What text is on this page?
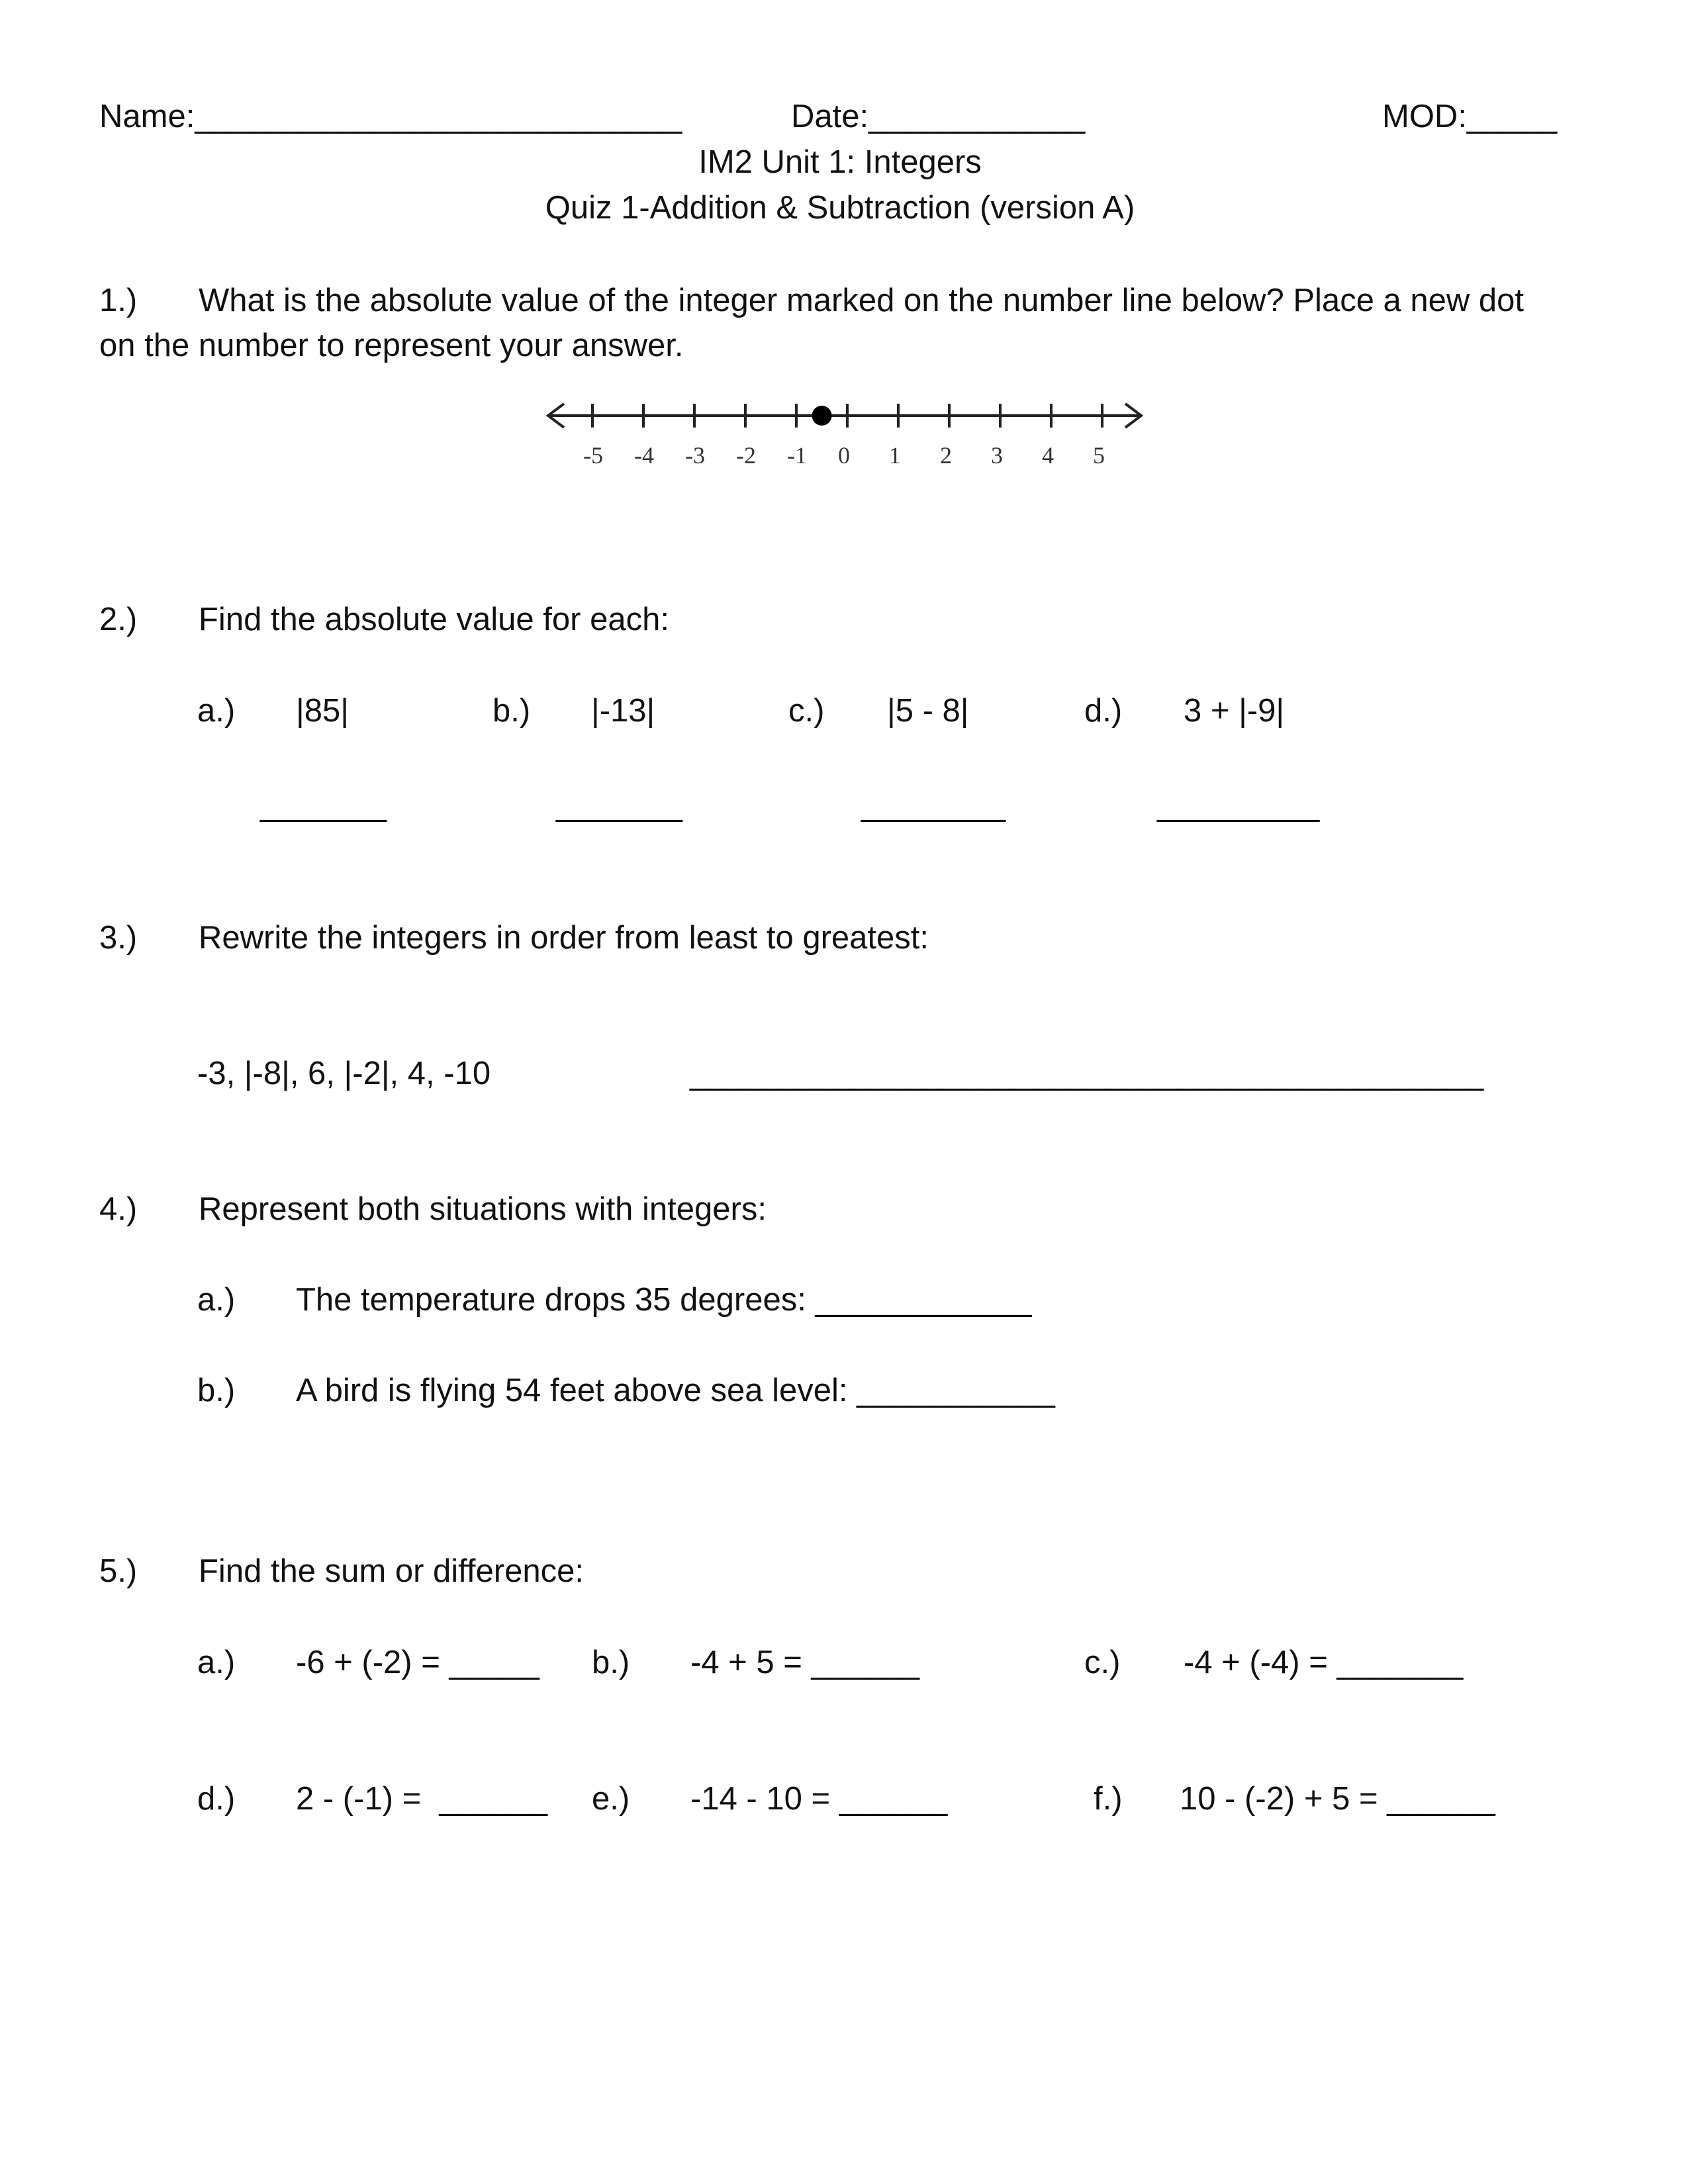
Name:___________________________	Date:____________	MOD:_____
IM2 Unit 1: Integers
Quiz 1-Addition & Subtraction (version A)
1.) What is the absolute value of the integer marked on the number line below? Place a new dot
on the number to represent your answer.
-5 -4 -3 -2 -1 0 1 2 3 4 5
2.) Find the absolute value for each:
a.) |85|	b.) |-13|	c.) |5 - 8|	d.) 3 + |-9|
_______	_______	________	_________
3.) Rewrite the integers in order from least to greatest:
-3, |-8|, 6, |-2|, 4, -10	____________________________________________
4.) Represent both situations with integers:
a.) The temperature drops 35 degrees: ____________
b.) A bird is flying 54 feet above sea level: ___________
5.) Find the sum or difference:
a.) -6 + (-2) = _____ b.) -4 + 5 = ______	c.) -4 + (-4) = _______
d.) 2 - (-1) =  ______ e.) -14 - 10 = ______	f.) 10 - (-2) + 5 = ______
